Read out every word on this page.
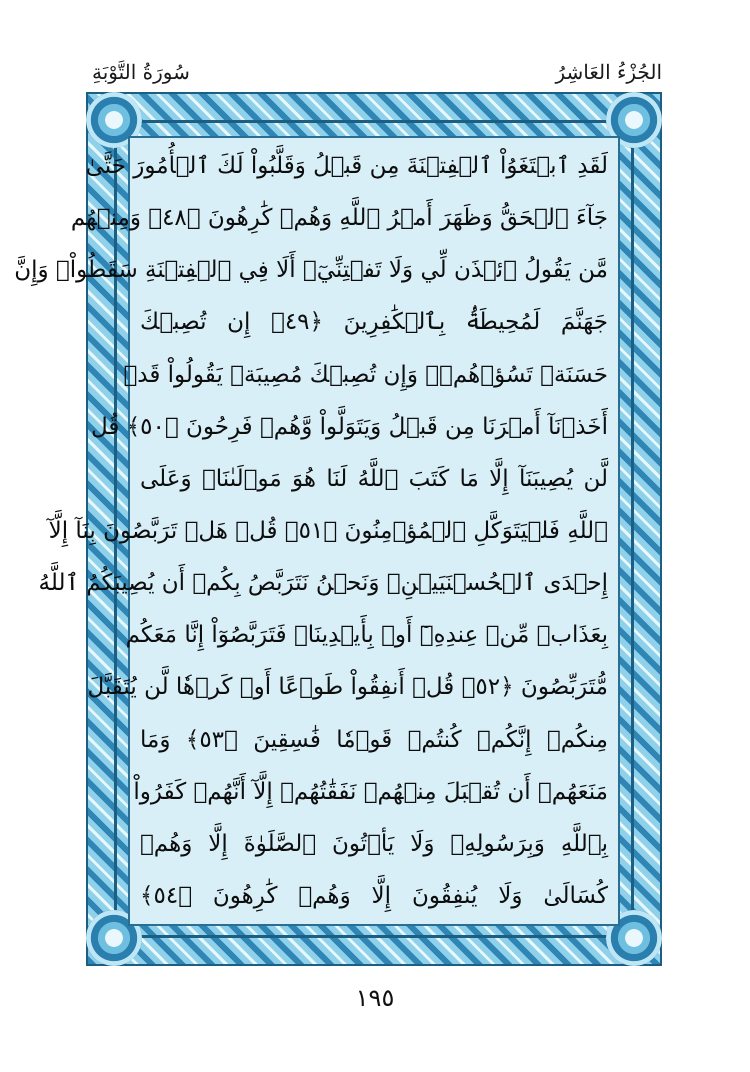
سُورَةُ التَّوْبَةِ	الجُزْءُ العَاشِرُ
لَقَدِ ٱبۡتَغَوُاْ ٱلۡفِتۡنَةَ مِن قَبۡلُ وَقَلَّبُواْ لَكَ ٱلۡأُمُورَ حَتَّىٰ
جَآءَ ٱلۡحَقُّ وَظَهَرَ أَمۡرُ ٱللَّهِ وَهُمۡ كَٰرِهُونَ ﴿٤٨﴾ وَمِنۡهُم
مَّن يَقُولُ ٱئۡذَن لِّي وَلَا تَفۡتِنِّيٓۚ أَلَا فِي ٱلۡفِتۡنَةِ سَقَطُواْۗ وَإِنَّ
جَهَنَّمَ لَمُحِيطَةُۢ بِٱلۡكَٰفِرِينَ ﴿٤٩﴾ إِن تُصِبۡكَ
حَسَنَةٞ تَسُؤۡهُمۡۖ وَإِن تُصِبۡكَ مُصِيبَةٞ يَقُولُواْ قَدۡ
أَخَذۡنَآ أَمۡرَنَا مِن قَبۡلُ وَيَتَوَلَّواْ وَّهُمۡ فَرِحُونَ ﴿٥٠﴾ قُل
لَّن يُصِيبَنَآ إِلَّا مَا كَتَبَ ٱللَّهُ لَنَا هُوَ مَوۡلَىٰنَاۚ وَعَلَى
ٱللَّهِ فَلۡيَتَوَكَّلِ ٱلۡمُؤۡمِنُونَ ﴿٥١﴾ قُلۡ هَلۡ تَرَبَّصُونَ بِنَآ إِلَّآ
إِحۡدَى ٱلۡحُسۡنَيَيۡنِۖ وَنَحۡنُ نَتَرَبَّصُ بِكُمۡ أَن يُصِيبَكُمُ ٱللَّهُ
بِعَذَابٖ مِّنۡ عِندِهِۦٓ أَوۡ بِأَيۡدِينَاۖ فَتَرَبَّصُوٓاْ إِنَّا مَعَكُم
مُّتَرَبِّصُونَ ﴿٥٢﴾ قُلۡ أَنفِقُواْ طَوۡعًا أَوۡ كَرۡهٗا لَّن يُتَقَبَّلَ
مِنكُمۡ إِنَّكُمۡ كُنتُمۡ قَوۡمٗا فَٰسِقِينَ ﴿٥٣﴾ وَمَا
مَنَعَهُمۡ أَن تُقۡبَلَ مِنۡهُمۡ نَفَقَٰتُهُمۡ إِلَّآ أَنَّهُمۡ كَفَرُواْ
بِٱللَّهِ وَبِرَسُولِهِۦ وَلَا يَأۡتُونَ ٱلصَّلَوٰةَ إِلَّا وَهُمۡ
كُسَالَىٰ وَلَا يُنفِقُونَ إِلَّا وَهُمۡ كَٰرِهُونَ ﴿٥٤﴾
١٩٥
